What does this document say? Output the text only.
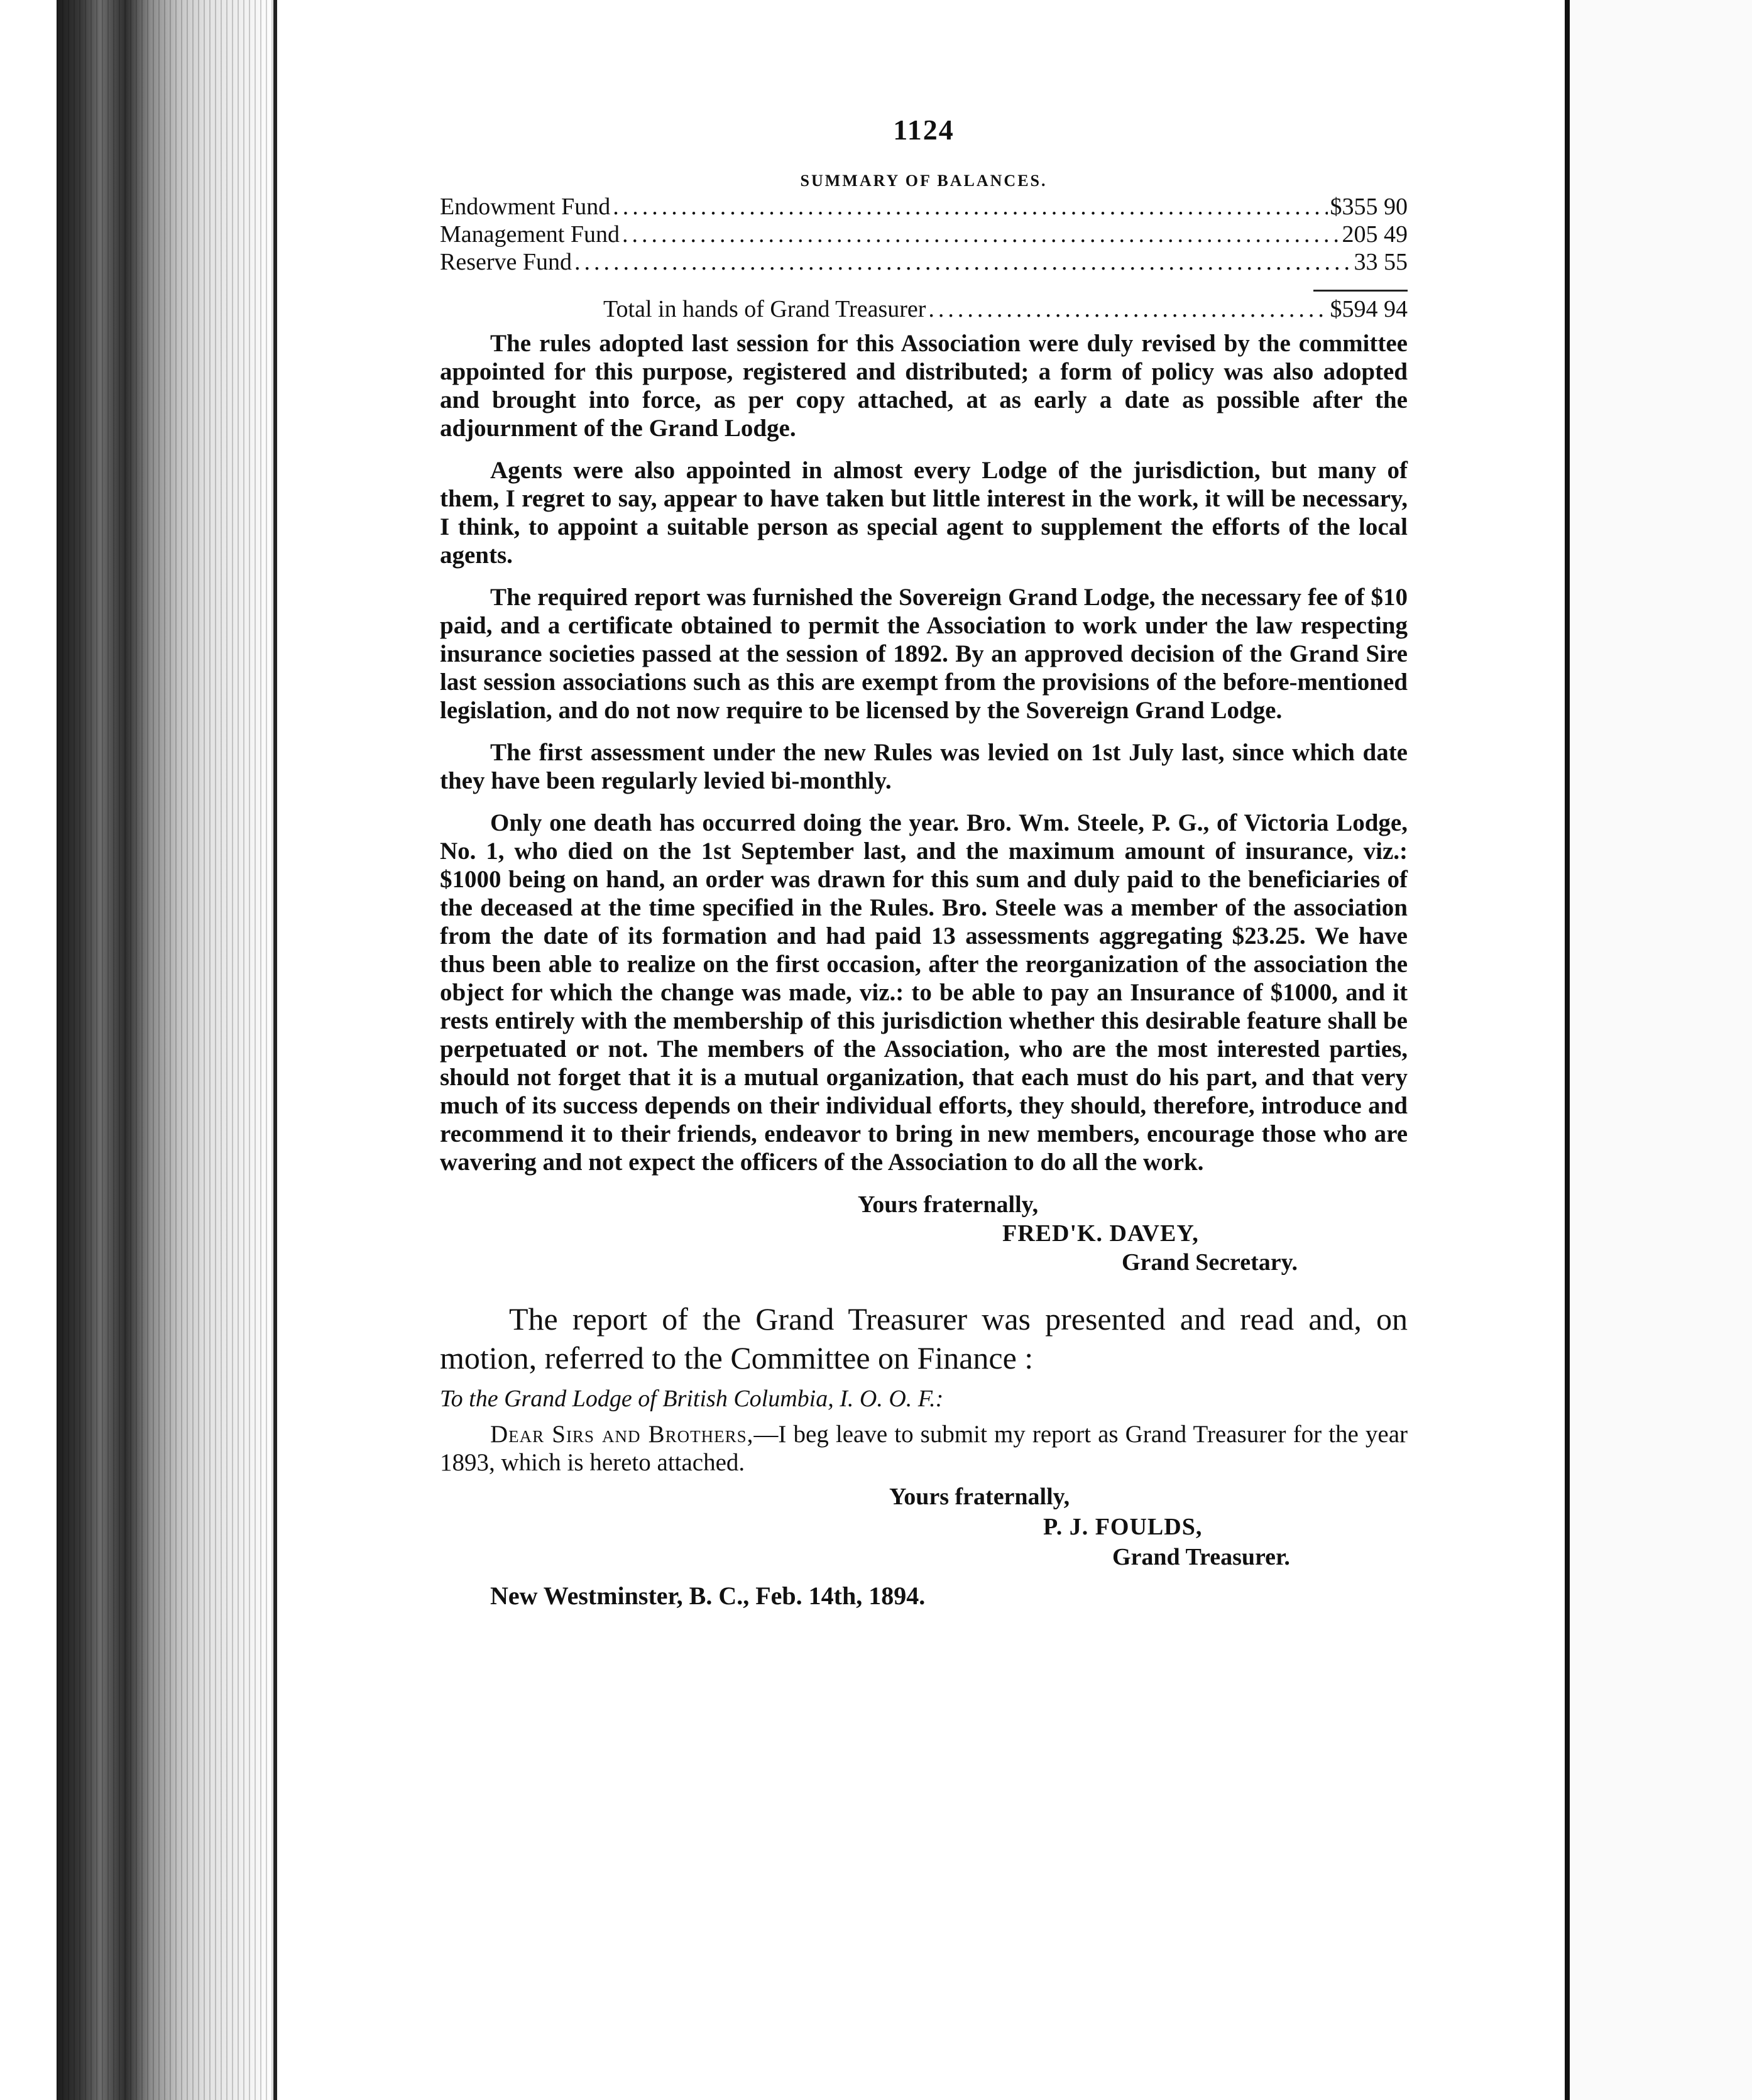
1124
SUMMARY OF BALANCES.
Endowment Fund .....	$355 90
Management Fund .....	205 49
Reserve Fund .....	33 55
Total in hands of Grand Treasurer .....	$594 94

The rules adopted last session for this Association were duly revised by the committee appointed for this purpose, registered and distributed; a form of policy was also adopted and brought into force, as per copy attached, at as early a date as possible after the adjournment of the Grand Lodge.

Agents were also appointed in almost every Lodge of the jurisdiction, but many of them, I regret to say, appear to have taken but little interest in the work, it will be necessary, I think, to appoint a suitable person as special agent to supplement the efforts of the local agents.

The required report was furnished the Sovereign Grand Lodge, the necessary fee of $10 paid, and a certificate obtained to permit the Association to work under the law respecting insurance societies passed at the session of 1892. By an approved decision of the Grand Sire last session associations such as this are exempt from the provisions of the before-mentioned legislation, and do not now require to be licensed by the Sovereign Grand Lodge.

The first assessment under the new Rules was levied on 1st July last, since which date they have been regularly levied bi-monthly.

Only one death has occurred doing the year. Bro. Wm. Steele, P. G., of Victoria Lodge, No. 1, who died on the 1st September last, and the maximum amount of insurance, viz.: $1000 being on hand, an order was drawn for this sum and duly paid to the beneficiaries of the deceased at the time specified in the Rules. Bro. Steele was a member of the association from the date of its formation and had paid 13 assessments aggregating $23.25. We have thus been able to realize on the first occasion, after the reorganization of the association the object for which the change was made, viz.: to be able to pay an Insurance of $1000, and it rests entirely with the membership of this jurisdiction whether this desirable feature shall be perpetuated or not. The members of the Association, who are the most interested parties, should not forget that it is a mutual organization, that each must do his part, and that very much of its success depends on their individual efforts, they should, therefore, introduce and recommend it to their friends, endeavor to bring in new members, encourage those who are wavering and not expect the officers of the Association to do all the work.

Yours fraternally,
FRED'K. DAVEY,
Grand Secretary.

The report of the Grand Treasurer was presented and read and, on motion, referred to the Committee on Finance :

To the Grand Lodge of British Columbia, I. O. O. F.:

Dear Sirs and Brothers,—I beg leave to submit my report as Grand Treasurer for the year 1893, which is hereto attached.

Yours fraternally,
P. J. FOULDS,
Grand Treasurer.
New Westminster, B. C., Feb. 14th, 1894.
